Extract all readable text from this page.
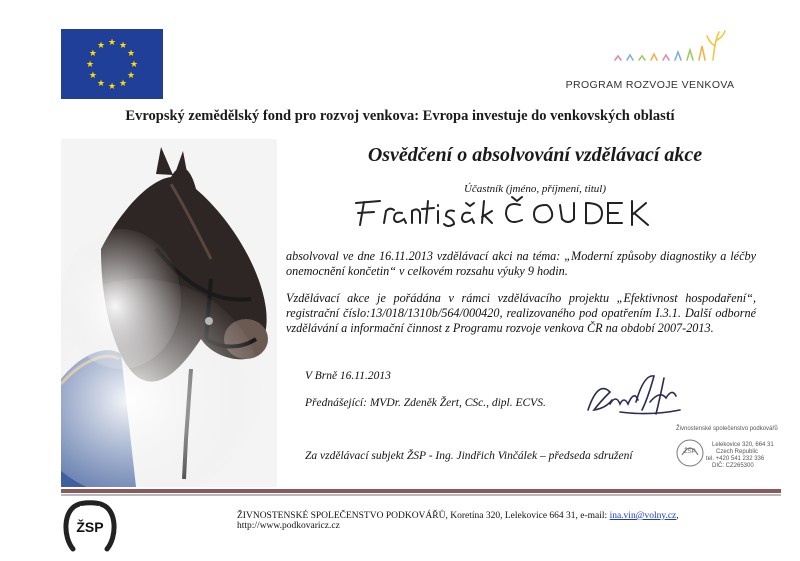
★ ★
★
★
★
★
★
★
★
★
★
★
PROGRAM ROZVOJE VENKOVA
Evropský zemědělský fond pro rozvoj venkova: Evropa investuje do venkovských oblastí
Osvědčení o absolvování vzdělávací akce
Účastník (jméno, příjmení, titul)
absolvoval ve dne 16.11.2013 vzdělávací akci na téma: „Moderní způsoby diagnostiky a léčby onemocnění končetin“ v celkovém rozsahu výuky 9 hodin.
Vzdělávací akce je pořádána v rámci vzdělávacího projektu „Efektivnost hospodaření“, registrační číslo:13/018/1310b/564/000420, realizovaného pod opatřením I.3.1. Další odborné vzdělávání a informační činnost z Programu rozvoje venkova ČR na období 2007-2013.
V Brně 16.11.2013
Přednášející: MVDr. Zdeněk Žert, CSc., dipl. ECVS.
Za vzdělávací subjekt ŽSP - Ing. Jindřich Vinčálek – předseda sdružení	ŽSP
Živnostenské společenstvo podkovářů
Lelekovice 320, 664 31
Czech Republic
tel. +420 541 232 336
DIČ: CZ265300
ŽSP
ŽIVNOSTENSKÉ SPOLEČENSTVO PODKOVÁŘŮ, Koretína 320, Lelekovice 664 31, e-mail: ina.vin@volny.cz, http://www.podkovaricz.cz
